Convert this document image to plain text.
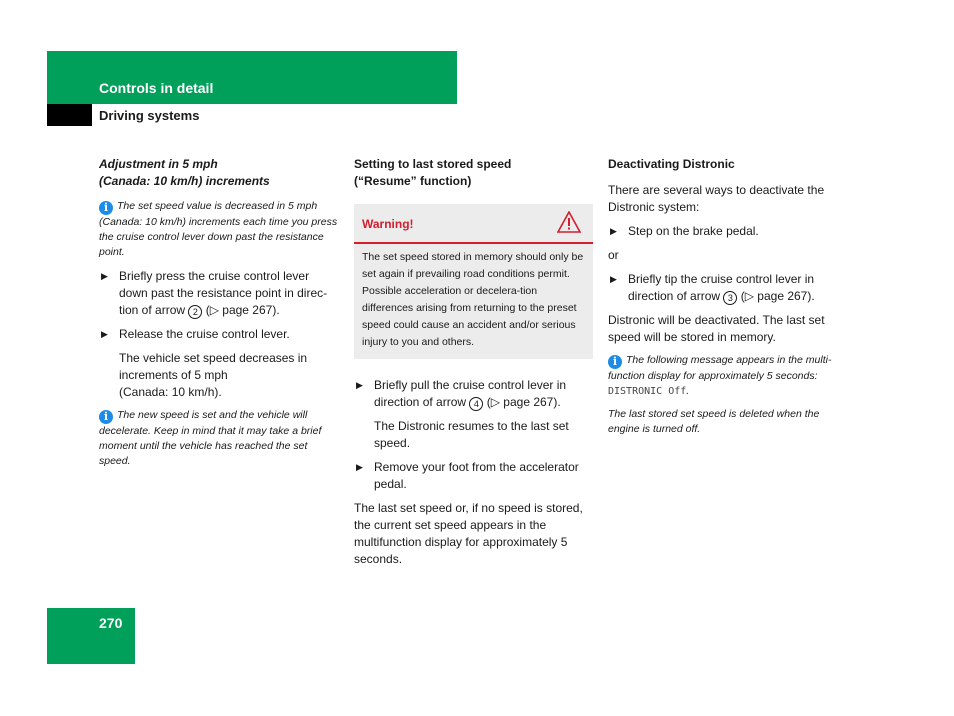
Controls in detail
Driving systems

Adjustment in 5 mph
(Canada: 10 km/h) increments

i The set speed value is decreased in 5 mph (Canada: 10 km/h) increments each time you press the cruise control lever down past the resistance point.

▶ Briefly press the cruise control lever down past the resistance point in direc-tion of arrow 2 (▷ page 267).

▶ Release the cruise control lever.

The vehicle set speed decreases in increments of 5 mph
(Canada: 10 km/h).

i The new speed is set and the vehicle will decelerate. Keep in mind that it may take a brief moment until the vehicle has reached the set speed.

Setting to last stored speed
(“Resume” function)

Warning!
The set speed stored in memory should only be set again if prevailing road conditions permit. Possible acceleration or decelera-tion differences arising from returning to the preset speed could cause an accident and/or serious injury to you and others.

▶ Briefly pull the cruise control lever in direction of arrow 4 (▷ page 267).

The Distronic resumes to the last set speed.

▶ Remove your foot from the accelerator pedal.

The last set speed or, if no speed is stored, the current set speed appears in the multifunction display for approximately 5 seconds.

Deactivating Distronic

There are several ways to deactivate the Distronic system:

▶ Step on the brake pedal.

or

▶ Briefly tip the cruise control lever in direction of arrow 3 (▷ page 267).

Distronic will be deactivated. The last set speed will be stored in memory.

i The following message appears in the multi-function display for approximately 5 seconds:
DISTRONIC Off.

The last stored set speed is deleted when the engine is turned off.

270
